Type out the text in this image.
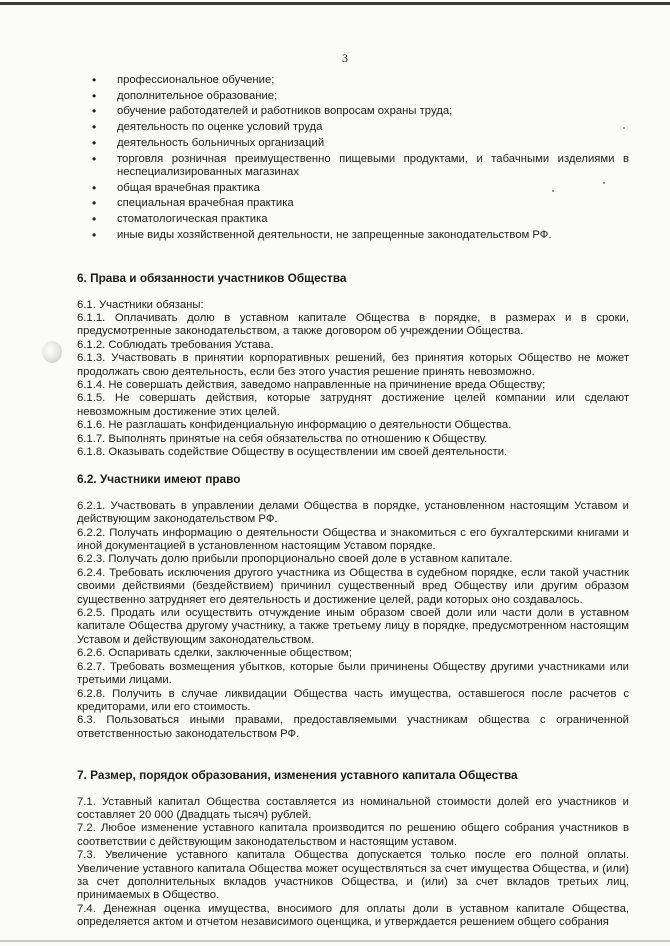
3
• профессиональное обучение;
• дополнительное образование;
• обучение работодателей и работников вопросам охраны труда;
• деятельность по оценке условий труда
• деятельность больничных организаций
• торговля розничная преимущественно пищевыми продуктами, и табачными изделиями в неспециализированных магазинах
• общая врачебная практика
• специальная врачебная практика
• стоматологическая практика
• иные виды хозяйственной деятельности, не запрещенные законодательством РФ.
6. Права и обязанности участников Общества
6.1. Участники обязаны:
6.1.1. Оплачивать долю в уставном капитале Общества в порядке, в размерах и в сроки, предусмотренные законодательством, а также договором об учреждении Общества.
6.1.2. Соблюдать требования Устава.
6.1.3. Участвовать в принятии корпоративных решений, без принятия которых Общество не может продолжать свою деятельность, если без этого участия решение принять невозможно.
6.1.4. Не совершать действия, заведомо направленные на причинение вреда Обществу;
6.1.5. Не совершать действия, которые затруднят достижение целей компании или сделают невозможным достижение этих целей.
6.1.6. Не разглашать конфиденциальную информацию о деятельности Общества.
6.1.7. Выполнять принятые на себя обязательства по отношению к Обществу.
6.1.8. Оказывать содействие Обществу в осуществлении им своей деятельности.
6.2. Участники имеют право
6.2.1. Участвовать в управлении делами Общества в порядке, установленном настоящим Уставом и действующим законодательством РФ.
6.2.2. Получать информацию о деятельности Общества и знакомиться с его бухгалтерскими книгами и иной документацией в установленном настоящим Уставом порядке.
6.2.3. Получать долю прибыли пропорционально своей доле в уставном капитале.
6.2.4. Требовать исключения другого участника из Общества в судебном порядке, если такой участник своими действиями (бездействием) причинил существенный вред Обществу или другим образом существенно затрудняет его деятельность и достижение целей, ради которых оно создавалось.
6.2.5. Продать или осуществить отчуждение иным образом своей доли или части доли в уставном капитале Общества другому участнику, а также третьему лицу в порядке, предусмотренном настоящим Уставом и действующим законодательством.
6.2.6. Оспаривать сделки, заключенные обществом;
6.2.7. Требовать возмещения убытков, которые были причинены Обществу другими участниками или третьими лицами.
6.2.8. Получить в случае ликвидации Общества часть имущества, оставшегося после расчетов с кредиторами, или его стоимость.
6.3. Пользоваться иными правами, предоставляемыми участникам общества с ограниченной ответственностью законодательством РФ.
7. Размер, порядок образования, изменения уставного капитала Общества
7.1. Уставный капитал Общества составляется из номинальной стоимости долей его участников и составляет 20 000 (Двадцать тысяч) рублей.
7.2. Любое изменение уставного капитала производится по решению общего собрания участников в соответствии с действующим законодательством и настоящим уставом.
7.3. Увеличение уставного капитала Общества допускается только после его полной оплаты. Увеличение уставного капитала Общества может осуществляться за счет имущества Общества, и (или) за счет дополнительных вкладов участников Общества, и (или) за счет вкладов третьих лиц, принимаемых в Общество.
7.4. Денежная оценка имущества, вносимого для оплаты доли в уставном капитале Общества, определяется актом и отчетом независимого оценщика, и утверждается решением общего собрания
